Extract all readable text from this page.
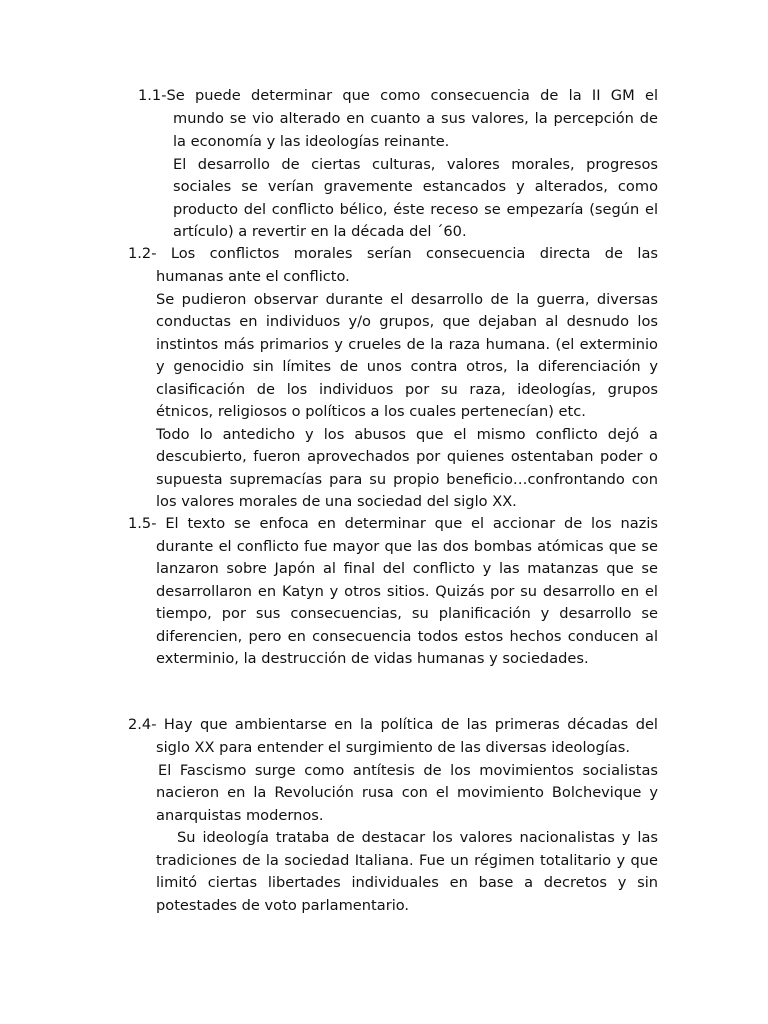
1.1-Se puede determinar que como consecuencia de la II GM el
mundo se vio alterado en cuanto a sus valores, la percepción de
la economía y las ideologías reinante.
El desarrollo de ciertas culturas, valores morales, progresos
sociales se verían gravemente estancados y alterados, como
producto del conflicto bélico, éste receso se empezaría (según el
artículo) a revertir en la década del ´60.
1.2- Los conflictos morales serían consecuencia directa de las
humanas ante el conflicto.
Se pudieron observar durante el desarrollo de la guerra, diversas
conductas en individuos y/o grupos, que dejaban al desnudo los
instintos más primarios y crueles de la raza humana. (el exterminio
y genocidio sin límites de unos contra otros, la diferenciación y
clasificación de los individuos por su raza, ideologías, grupos
étnicos, religiosos o políticos a los cuales pertenecían) etc.
Todo lo antedicho y los abusos que el mismo conflicto dejó a
descubierto, fueron aprovechados por quienes ostentaban poder o
supuesta supremacías para su propio beneficio…confrontando con
los valores morales de una sociedad del siglo XX.
1.5- El texto se enfoca en determinar que el accionar de los nazis
durante el conflicto fue mayor que las dos bombas atómicas que se
lanzaron sobre Japón al final del conflicto y las matanzas que se
desarrollaron en Katyn y otros sitios. Quizás por su desarrollo en el
tiempo, por sus consecuencias, su planificación y desarrollo se
diferencien, pero en consecuencia todos estos hechos conducen al
exterminio, la destrucción de vidas humanas y sociedades.
2.4- Hay que ambientarse en la política de las primeras décadas del
siglo XX para entender el surgimiento de las diversas ideologías.
El Fascismo surge como antítesis de los movimientos socialistas
nacieron en la Revolución rusa con el movimiento Bolchevique y
anarquistas modernos.
Su ideología trataba de destacar los valores nacionalistas y las
tradiciones de la sociedad Italiana. Fue un régimen totalitario y que
limitó ciertas libertades individuales en base a decretos y sin
potestades de voto parlamentario.
